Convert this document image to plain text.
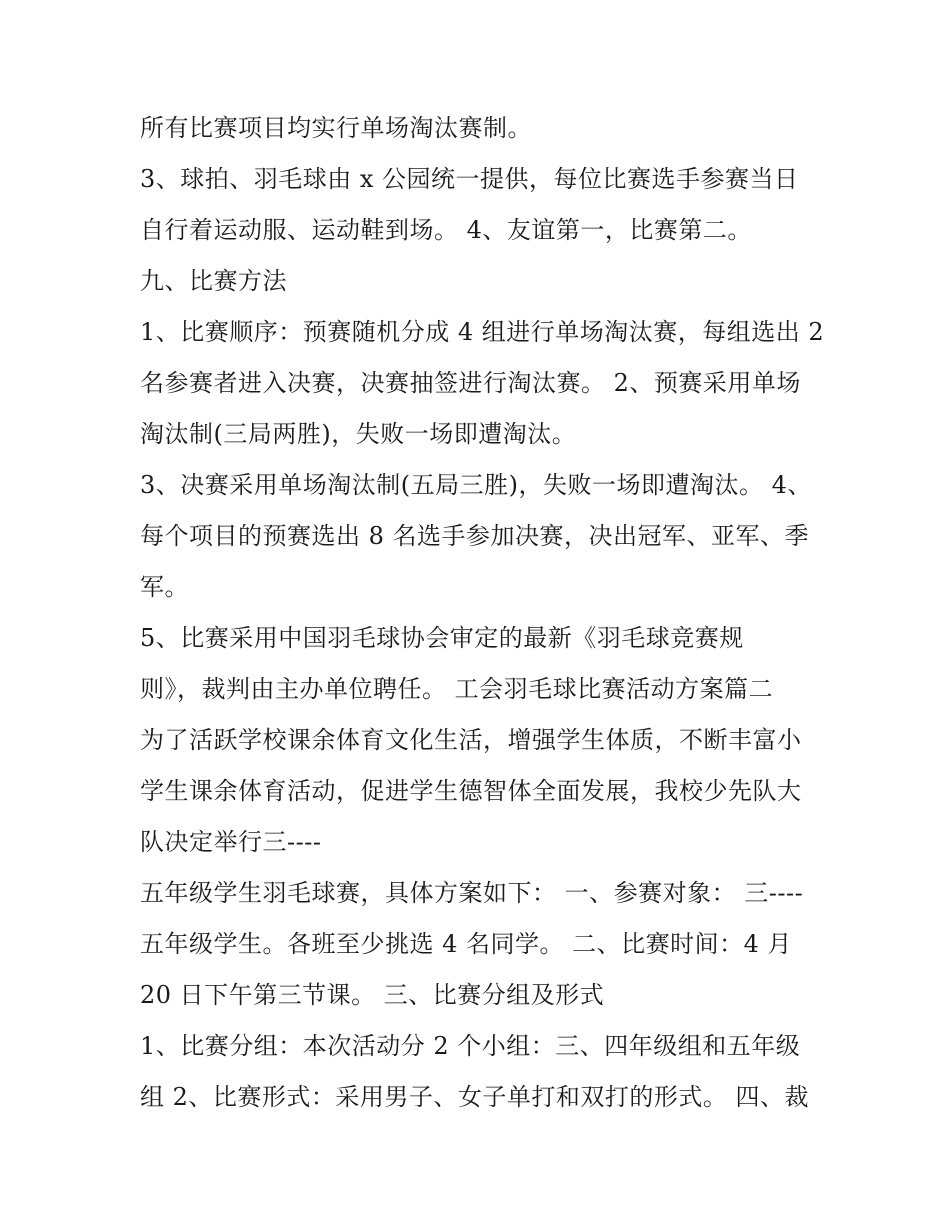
所有比赛项目均实行单场淘汰赛制。
3、球拍、羽毛球由 x 公园统一提供，每位比赛选手参赛当日
自行着运动服、运动鞋到场。 4、友谊第一，比赛第二。
九、比赛方法
1、比赛顺序：预赛随机分成 4 组进行单场淘汰赛，每组选出 2
名参赛者进入决赛，决赛抽签进行淘汰赛。 2、预赛采用单场
淘汰制(三局两胜)，失败一场即遭淘汰。
3、决赛采用单场淘汰制(五局三胜)，失败一场即遭淘汰。 4、
每个项目的预赛选出 8 名选手参加决赛，决出冠军、亚军、季
军。
5、比赛采用中国羽毛球协会审定的最新《羽毛球竞赛规
则》，裁判由主办单位聘任。 工会羽毛球比赛活动方案篇二
为了活跃学校课余体育文化生活，增强学生体质，不断丰富小
学生课余体育活动，促进学生德智体全面发展，我校少先队大
队决定举行三----
五年级学生羽毛球赛，具体方案如下： 一、参赛对象： 三----
五年级学生。各班至少挑选 4 名同学。 二、比赛时间：4 月
20 日下午第三节课。 三、比赛分组及形式
1、比赛分组：本次活动分 2 个小组：三、四年级组和五年级
组 2、比赛形式：采用男子、女子单打和双打的形式。 四、裁
